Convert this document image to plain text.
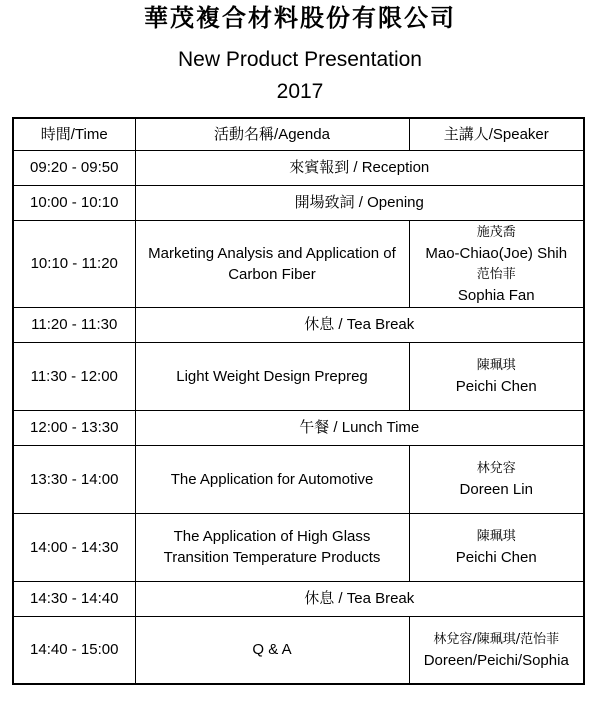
華茂複合材料股份有限公司
New Product Presentation
2017
時間/Time	活動名稱/Agenda	主講人/Speaker
09:20 - 09:50	來賓報到 / Reception	
10:00 - 10:10	開場致詞 / Opening	
10:10 - 11:20	Marketing Analysis and Application of Carbon Fiber	施茂喬
Mao-Chiao(Joe) Shih
范怡菲
Sophia Fan

11:20 - 11:30	休息 / Tea Break	
11:30 - 12:00	Light Weight Design Prepreg	陳珮琪
Peichi Chen

12:00 - 13:30	午餐 / Lunch Time	
13:30 - 14:00	The Application for Automotive	林兌容
Doreen Lin

14:00 - 14:30	The Application of High Glass Transition Temperature Products	陳珮琪
Peichi Chen

14:30 - 14:40	休息 / Tea Break	
14:40 - 15:00	Q & A	林兌容/陳珮琪/范怡菲
Doreen/Peichi/Sophia
